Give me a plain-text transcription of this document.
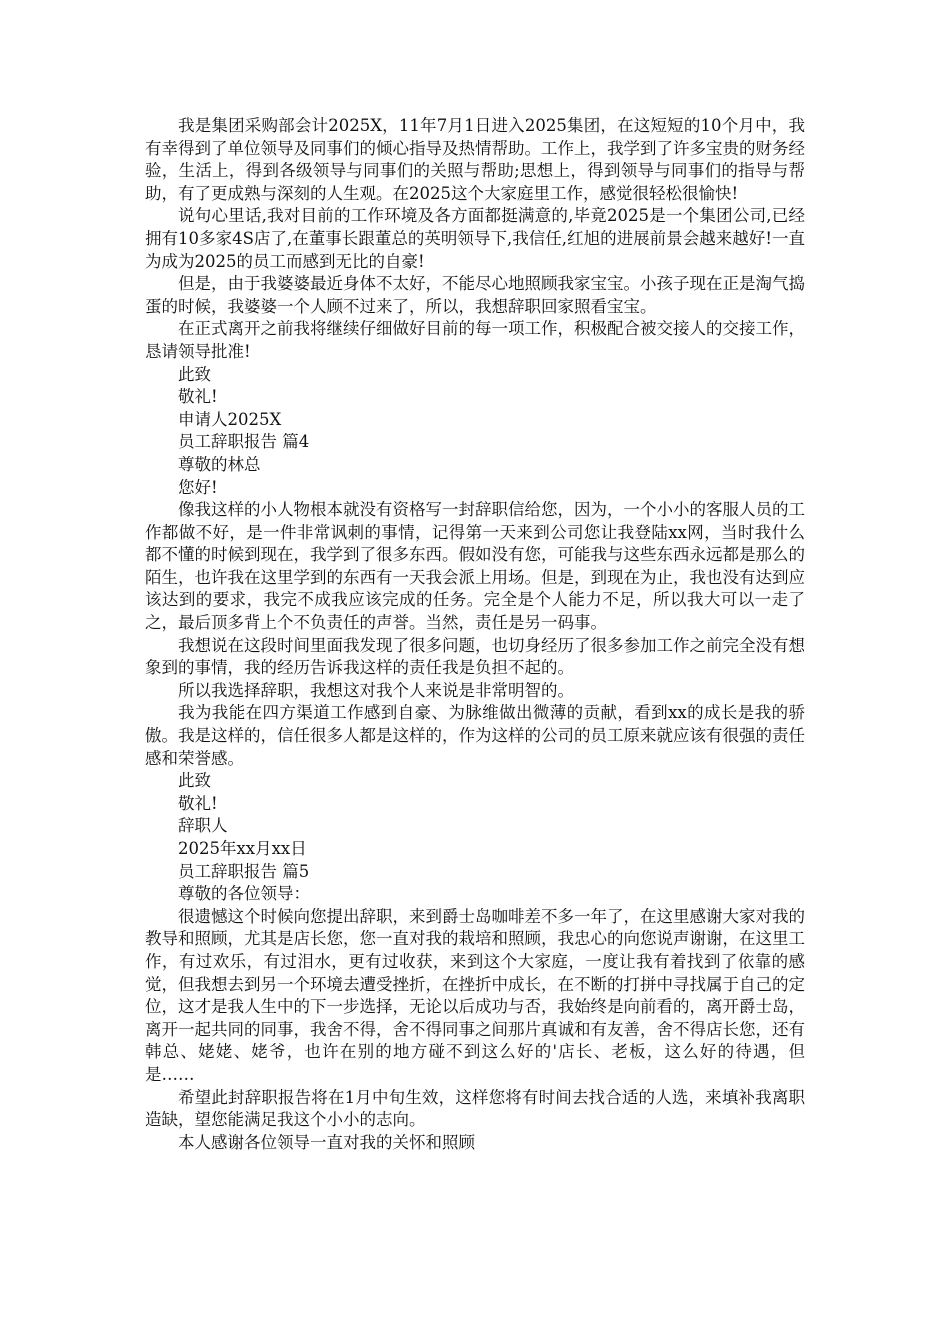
我是集团采购部会计2025X，11年7月1日进入2025集团，在这短短的10个月中，我有幸得到了单位领导及同事们的倾心指导及热情帮助。工作上，我学到了许多宝贵的财务经验，生活上，得到各级领导与同事们的关照与帮助;思想上，得到领导与同事们的指导与帮助，有了更成熟与深刻的人生观。在2025这个大家庭里工作，感觉很轻松很愉快!

说句心里话,我对目前的工作环境及各方面都挺满意的,毕竟2025是一个集团公司,已经拥有10多家4S店了,在董事长跟董总的英明领导下,我信任,红旭的进展前景会越来越好!一直为成为2025的员工而感到无比的自豪!

但是，由于我婆婆最近身体不太好，不能尽心地照顾我家宝宝。小孩子现在正是淘气捣蛋的时候，我婆婆一个人顾不过来了，所以，我想辞职回家照看宝宝。

在正式离开之前我将继续仔细做好目前的每一项工作，积极配合被交接人的交接工作，恳请领导批准!

此致
敬礼!
申请人2025X
员工辞职报告 篇4
尊敬的林总
您好!

像我这样的小人物根本就没有资格写一封辞职信给您，因为，一个小小的客服人员的工作都做不好，是一件非常讽刺的事情，记得第一天来到公司您让我登陆xx网，当时我什么都不懂的时候到现在，我学到了很多东西。假如没有您，可能我与这些东西永远都是那么的陌生，也许我在这里学到的东西有一天我会派上用场。但是，到现在为止，我也没有达到应该达到的要求，我完不成我应该完成的任务。完全是个人能力不足，所以我大可以一走了之，最后顶多背上个不负责任的声誉。当然，责任是另一码事。

我想说在这段时间里面我发现了很多问题，也切身经历了很多参加工作之前完全没有想象到的事情，我的经历告诉我这样的责任我是负担不起的。

所以我选择辞职，我想这对我个人来说是非常明智的。

我为我能在四方渠道工作感到自豪、为脉维做出微薄的贡献，看到xx的成长是我的骄傲。我是这样的，信任很多人都是这样的，作为这样的公司的员工原来就应该有很强的责任感和荣誉感。

此致
敬礼!
辞职人
2025年xx月xx日
员工辞职报告 篇5
尊敬的各位领导：

很遗憾这个时候向您提出辞职，来到爵士岛咖啡差不多一年了，在这里感谢大家对我的教导和照顾，尤其是店长您，您一直对我的栽培和照顾，我忠心的向您说声谢谢，在这里工作，有过欢乐，有过泪水，更有过收获，来到这个大家庭，一度让我有着找到了依靠的感觉，但我想去到另一个环境去遭受挫折，在挫折中成长，在不断的打拼中寻找属于自己的定位，这才是我人生中的下一步选择，无论以后成功与否，我始终是向前看的，离开爵士岛，离开一起共同的同事，我舍不得，舍不得同事之间那片真诚和有友善，舍不得店长您，还有韩总、姥姥、姥爷，也许在别的地方碰不到这么好的'店长、老板，这么好的待遇，但是……

希望此封辞职报告将在1月中旬生效，这样您将有时间去找合适的人选，来填补我离职造缺，望您能满足我这个小小的志向。

本人感谢各位领导一直对我的关怀和照顾
